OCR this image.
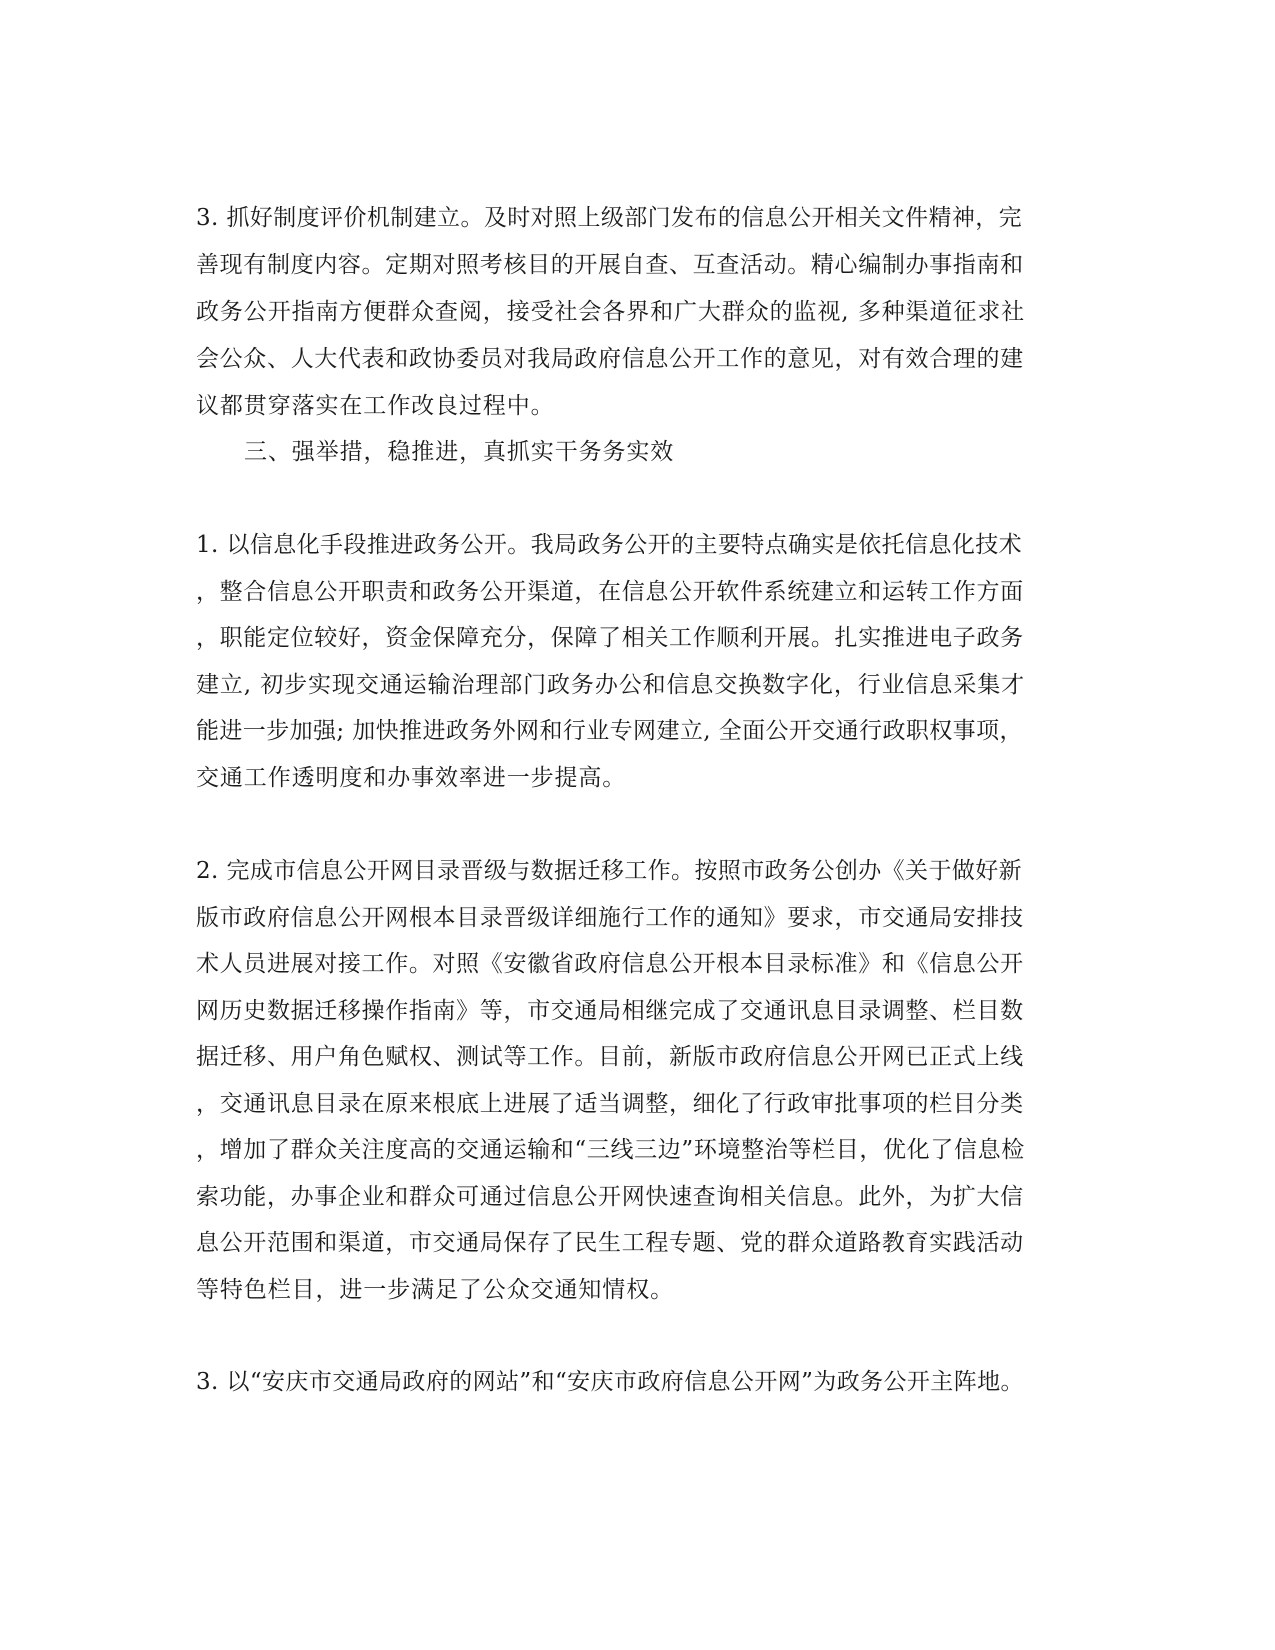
3. 抓好制度评价机制建立。及时对照上级部门发布的信息公开相关文件精神，完
善现有制度内容。定期对照考核目的开展自查、互查活动。精心编制办事指南和
政务公开指南方便群众查阅，接受社会各界和广大群众的监视, 多种渠道征求社
会公众、人大代表和政协委员对我局政府信息公开工作的意见，对有效合理的建
议都贯穿落实在工作改良过程中。
三、强举措，稳推进，真抓实干务务实效
1. 以信息化手段推进政务公开。我局政务公开的主要特点确实是依托信息化技术
，整合信息公开职责和政务公开渠道，在信息公开软件系统建立和运转工作方面
，职能定位较好，资金保障充分，保障了相关工作顺利开展。扎实推进电子政务
建立, 初步实现交通运输治理部门政务办公和信息交换数字化，行业信息采集才
能进一步加强; 加快推进政务外网和行业专网建立, 全面公开交通行政职权事项，
交通工作透明度和办事效率进一步提高。
2. 完成市信息公开网目录晋级与数据迁移工作。按照市政务公创办《关于做好新
版市政府信息公开网根本目录晋级详细施行工作的通知》要求，市交通局安排技
术人员进展对接工作。对照《安徽省政府信息公开根本目录标准》和《信息公开
网历史数据迁移操作指南》等，市交通局相继完成了交通讯息目录调整、栏目数
据迁移、用户角色赋权、测试等工作。目前，新版市政府信息公开网已正式上线
，交通讯息目录在原来根底上进展了适当调整，细化了行政审批事项的栏目分类
，增加了群众关注度高的交通运输和“三线三边”环境整治等栏目，优化了信息检
索功能，办事企业和群众可通过信息公开网快速查询相关信息。此外，为扩大信
息公开范围和渠道，市交通局保存了民生工程专题、党的群众道路教育实践活动
等特色栏目，进一步满足了公众交通知情权。
3. 以“安庆市交通局政府的网站”和“安庆市政府信息公开网”为政务公开主阵地。
